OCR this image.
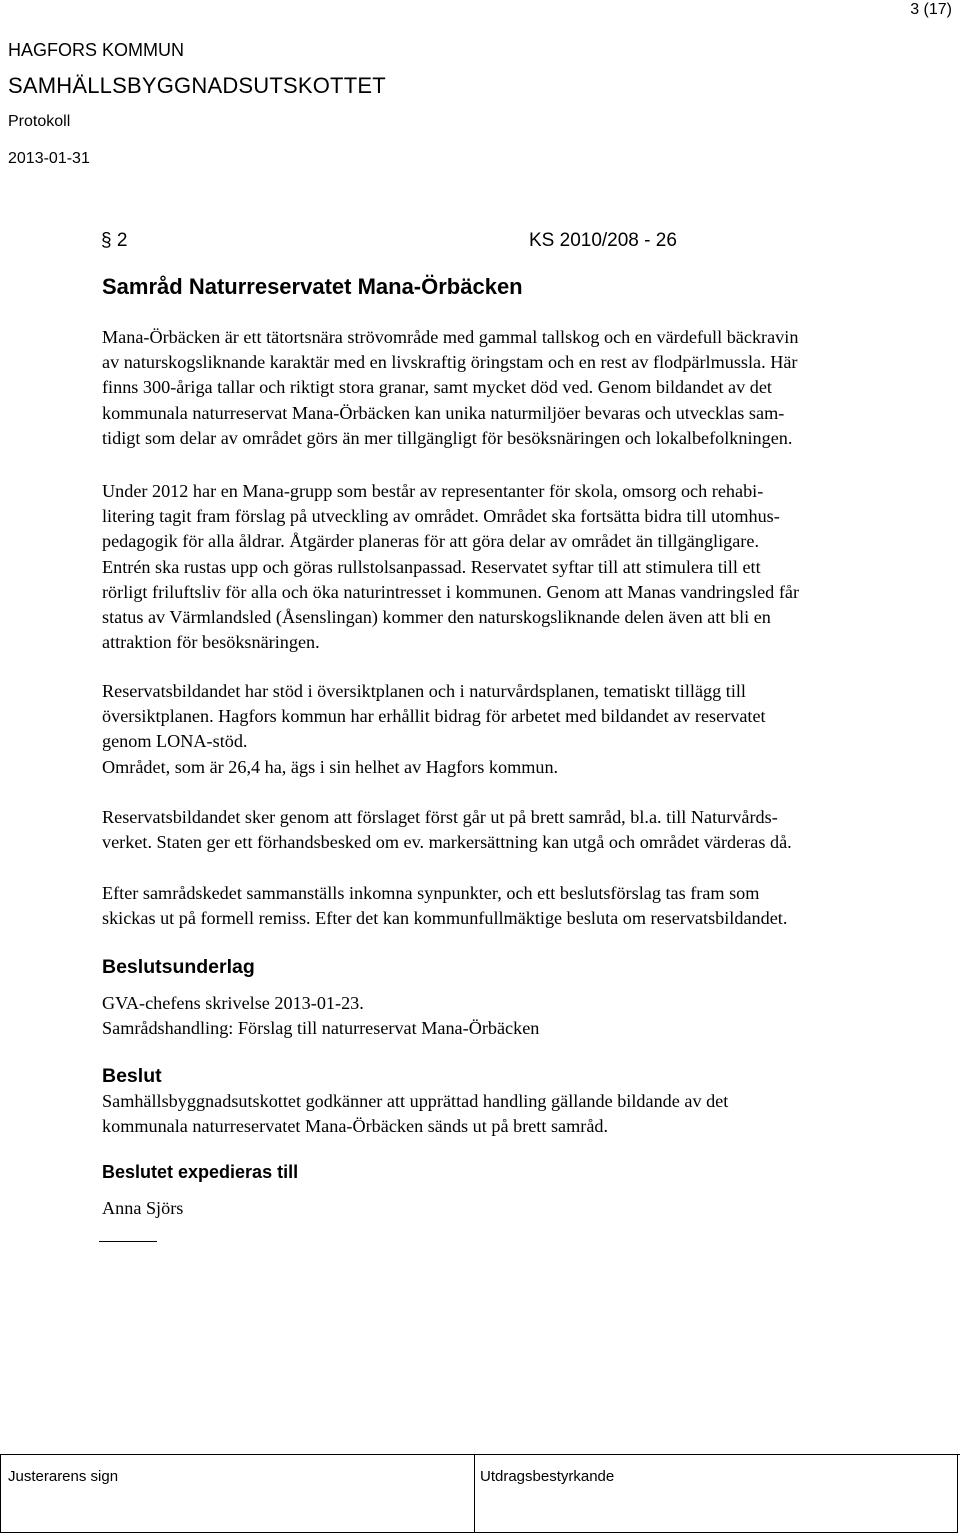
3 (17)
HAGFORS KOMMUN
SAMHÄLLSBYGGNADSUTSKOTTET
Protokoll
2013-01-31
§ 2	KS 2010/208 - 26
Samråd Naturreservatet Mana-Örbäcken
Mana-Örbäcken är ett tätortsnära strövområde med gammal tallskog och en värdefull bäckravin
av naturskogsliknande karaktär med en livskraftig öringstam och en rest av flodpärlmussla. Här
finns 300-åriga tallar och riktigt stora granar, samt mycket död ved. Genom bildandet av det
kommunala naturreservat Mana-Örbäcken kan unika naturmiljöer bevaras och utvecklas sam-
tidigt som delar av området görs än mer tillgängligt för besöksnäringen och lokalbefolkningen.
Under 2012 har en Mana-grupp som består av representanter för skola, omsorg och rehabi-
litering tagit fram förslag på utveckling av området. Området ska fortsätta bidra till utomhus-
pedagogik för alla åldrar. Åtgärder planeras för att göra delar av området än tillgängligare.
Entrén ska rustas upp och göras rullstolsanpassad. Reservatet syftar till att stimulera till ett
rörligt friluftsliv för alla och öka naturintresset i kommunen. Genom att Manas vandringsled får
status av Värmlandsled (Åsenslingan) kommer den naturskogsliknande delen även att bli en
attraktion för besöksnäringen.
Reservatsbildandet har stöd i översiktplanen och i naturvårdsplanen, tematiskt tillägg till
översiktplanen. Hagfors kommun har erhållit bidrag för arbetet med bildandet av reservatet
genom LONA-stöd.
Området, som är 26,4 ha, ägs i sin helhet av Hagfors kommun.
Reservatsbildandet sker genom att förslaget först går ut på brett samråd, bl.a. till Naturvårds-
verket. Staten ger ett förhandsbesked om ev. markersättning kan utgå och området värderas då.
Efter samrådskedet sammanställs inkomna synpunkter, och ett beslutsförslag tas fram som
skickas ut på formell remiss. Efter det kan kommunfullmäktige besluta om reservatsbildandet.
Beslutsunderlag
GVA-chefens skrivelse 2013-01-23.
Samrådshandling: Förslag till naturreservat Mana-Örbäcken
Beslut
Samhällsbyggnadsutskottet godkänner att upprättad handling gällande bildande av det
kommunala naturreservatet Mana-Örbäcken sänds ut på brett samråd.
Beslutet expedieras till
Anna Sjörs
Justerarens sign	Utdragsbestyrkande
